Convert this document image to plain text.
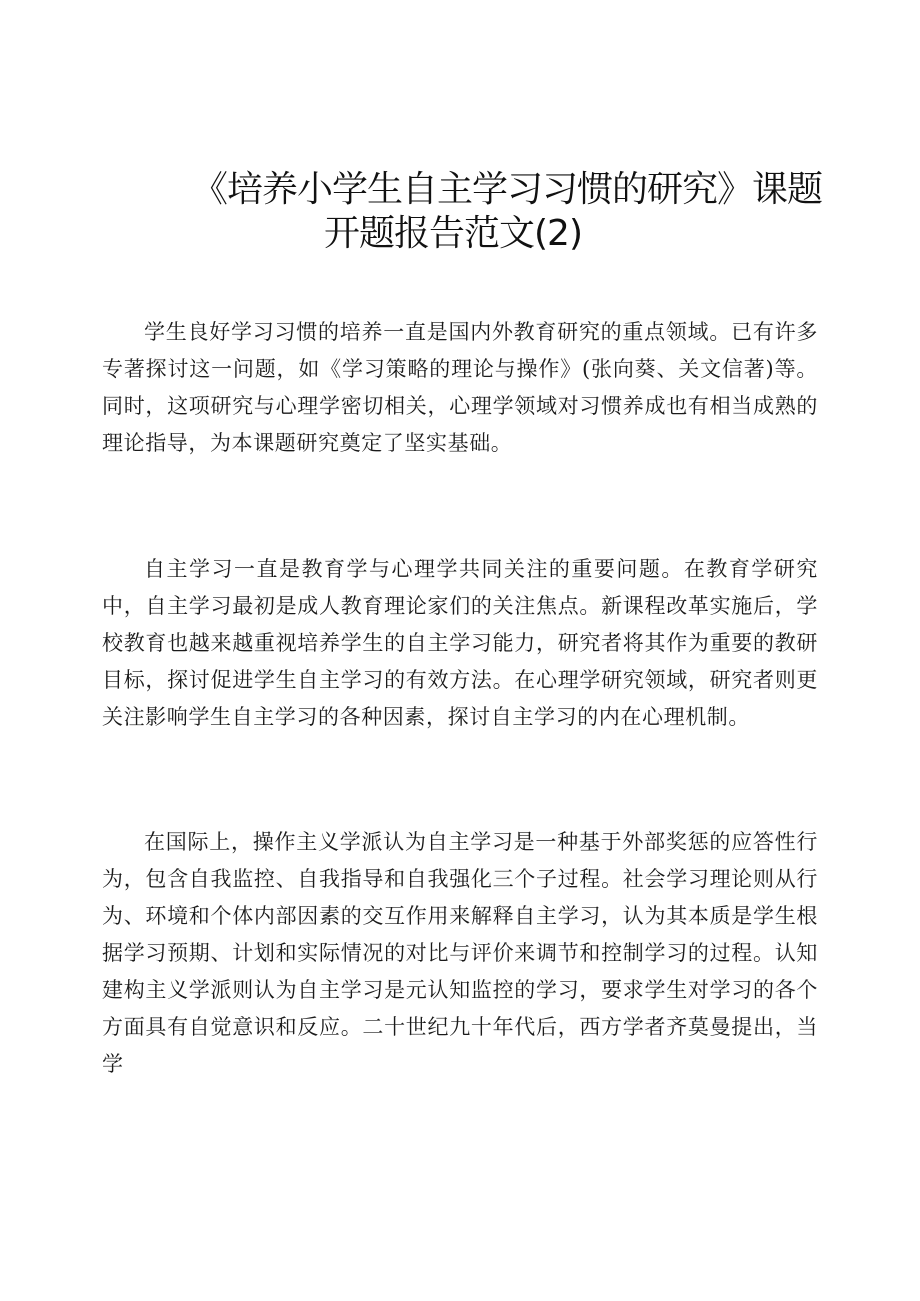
《培养小学生自主学习习惯的研究》课题
开题报告范文(2)

学生良好学习习惯的培养一直是国内外教育研究的重点领域。已有许多专著探讨这一问题，如《学习策略的理论与操作》(张向葵、关文信著)等。同时，这项研究与心理学密切相关，心理学领域对习惯养成也有相当成熟的理论指导，为本课题研究奠定了坚实基础。

自主学习一直是教育学与心理学共同关注的重要问题。在教育学研究中，自主学习最初是成人教育理论家们的关注焦点。新课程改革实施后，学校教育也越来越重视培养学生的自主学习能力，研究者将其作为重要的教研目标，探讨促进学生自主学习的有效方法。在心理学研究领域，研究者则更关注影响学生自主学习的各种因素，探讨自主学习的内在心理机制。

在国际上，操作主义学派认为自主学习是一种基于外部奖惩的应答性行为，包含自我监控、自我指导和自我强化三个子过程。社会学习理论则从行为、环境和个体内部因素的交互作用来解释自主学习，认为其本质是学生根据学习预期、计划和实际情况的对比与评价来调节和控制学习的过程。认知建构主义学派则认为自主学习是元认知监控的学习，要求学生对学习的各个方面具有自觉意识和反应。二十世纪九十年代后，西方学者齐莫曼提出，当学
